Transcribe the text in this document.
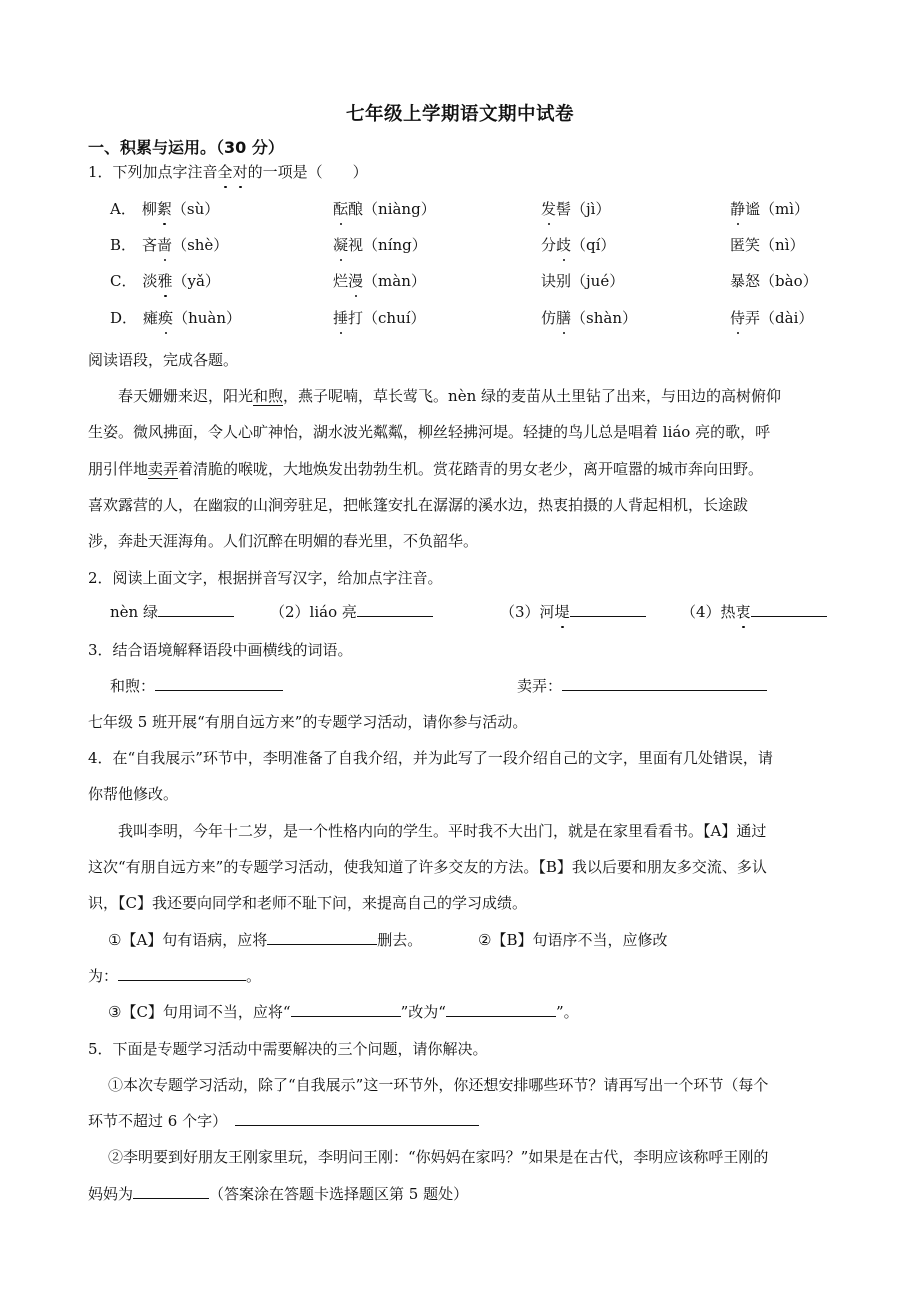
七年级上学期语文期中试卷
一、积累与运用。（30 分）
1．下列加点字注音全对的一项是（　　）
A． 柳絮（sù）	酝酿（niàng）	发髻（jì）	静谧（mì）
B． 吝啬（shè）	凝视（níng）	分歧（qí）	匿笑（nì）
C． 淡雅（yǎ）	烂漫（màn）	诀别（jué）	暴怒（bào）
D． 瘫痪（huàn）	捶打（chuí）	仿膳（shàn）	侍弄（dài）
阅读语段，完成各题。
　　春天姗姗来迟，阳光和煦，燕子呢喃，草长莺飞。nèn 绿的麦苗从土里钻了出来，与田边的高树俯仰
生姿。微风拂面，令人心旷神怡，湖水波光粼粼，柳丝轻拂河堤。轻捷的鸟儿总是唱着 liáo 亮的歌，呼
朋引伴地卖弄着清脆的喉咙，大地焕发出勃勃生机。赏花踏青的男女老少，离开喧嚣的城市奔向田野。
喜欢露营的人，在幽寂的山涧旁驻足，把帐篷安扎在潺潺的溪水边，热衷拍摄的人背起相机，长途跋
涉，奔赴天涯海角。人们沉醉在明媚的春光里，不负韶华。
2．阅读上面文字，根据拼音写汉字，给加点字注音。
nèn 绿	（2）liáo 亮	（3）河堤	（4）热衷
3．结合语境解释语段中画横线的词语。
和煦：	卖弄：
七年级 5 班开展“有朋自远方来”的专题学习活动，请你参与活动。
4．在“自我展示”环节中，李明准备了自我介绍，并为此写了一段介绍自己的文字，里面有几处错误，请
你帮他修改。
　　我叫李明，今年十二岁，是一个性格内向的学生。平时我不大出门，就是在家里看看书。【A】通过
这次“有朋自远方来”的专题学习活动，使我知道了许多交友的方法。【B】我以后要和朋友多交流、多认
识，【C】我还要向同学和老师不耻下问，来提高自己的学习成绩。
①【A】句有语病，应将	删去。	②【B】句语序不当，应修改
为：	。
③【C】句用词不当，应将“	”改为“	”。
5．下面是专题学习活动中需要解决的三个问题，请你解决。
①本次专题学习活动，除了“自我展示”这一环节外，你还想安排哪些环节？请再写出一个环节（每个
环节不超过 6 个字）
②李明要到好朋友王刚家里玩，李明问王刚：“你妈妈在家吗？”如果是在古代，李明应该称呼王刚的
妈妈为	（答案涂在答题卡选择题区第 5 题处）
